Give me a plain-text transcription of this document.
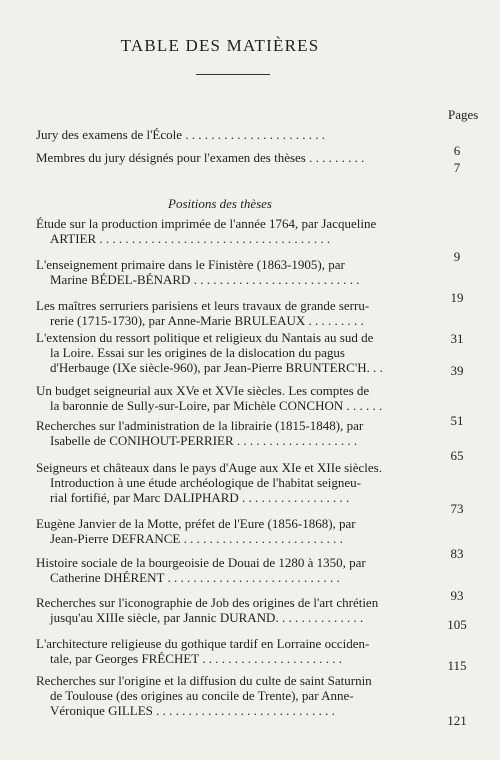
TABLE DES MATIÈRES
Pages
Positions des thèses
Jury des examens de l'École . . . . . . . . . . . . . . . . . . . . . .
6
Membres du jury désignés pour l'examen des thèses . . . . . . . . .
7
Étude sur la production imprimée de l'année 1764, par Jacqueline
ARTIER . . . . . . . . . . . . . . . . . . . . . . . . . . . . . . . . . . . .
9
L'enseignement primaire dans le Finistère (1863-1905), par
Marine BÉDEL-BÉNARD . . . . . . . . . . . . . . . . . . . . . . . . . .
19
Les maîtres serruriers parisiens et leurs travaux de grande serru-
rerie (1715-1730), par Anne-Marie BRULEAUX . . . . . . . . .
31
L'extension du ressort politique et religieux du Nantais au sud de
la Loire. Essai sur les origines de la dislocation du pagus
d'Herbauge (IXe siècle-960), par Jean-Pierre BRUNTERC'H. . .	39
Un budget seigneurial aux XVe et XVIe siècles. Les comptes de
la baronnie de Sully-sur-Loire, par Michèle CONCHON . . . . . .
51
Recherches sur l'administration de la librairie (1815-1848), par
Isabelle de CONIHOUT-PERRIER . . . . . . . . . . . . . . . . . . .
65
Seigneurs et châteaux dans le pays d'Auge aux XIe et XIIe siècles.
Introduction à une étude archéologique de l'habitat seigneu-
rial fortifié, par Marc DALIPHARD . . . . . . . . . . . . . . . . .
73
Eugène Janvier de la Motte, préfet de l'Eure (1856-1868), par
Jean-Pierre DEFRANCE . . . . . . . . . . . . . . . . . . . . . . . . .
83
Histoire sociale de la bourgeoisie de Douai de 1280 à 1350, par
Catherine DHÉRENT . . . . . . . . . . . . . . . . . . . . . . . . . . .
93
Recherches sur l'iconographie de Job des origines de l'art chrétien
jusqu'au XIIIe siècle, par Jannic DURAND. . . . . . . . . . . . . .	105
L'architecture religieuse du gothique tardif en Lorraine occiden-
tale, par Georges FRÉCHET . . . . . . . . . . . . . . . . . . . . . .	115
Recherches sur l'origine et la diffusion du culte de saint Saturnin
de Toulouse (des origines au concile de Trente), par Anne-
Véronique GILLES . . . . . . . . . . . . . . . . . . . . . . . . . . . .
121
